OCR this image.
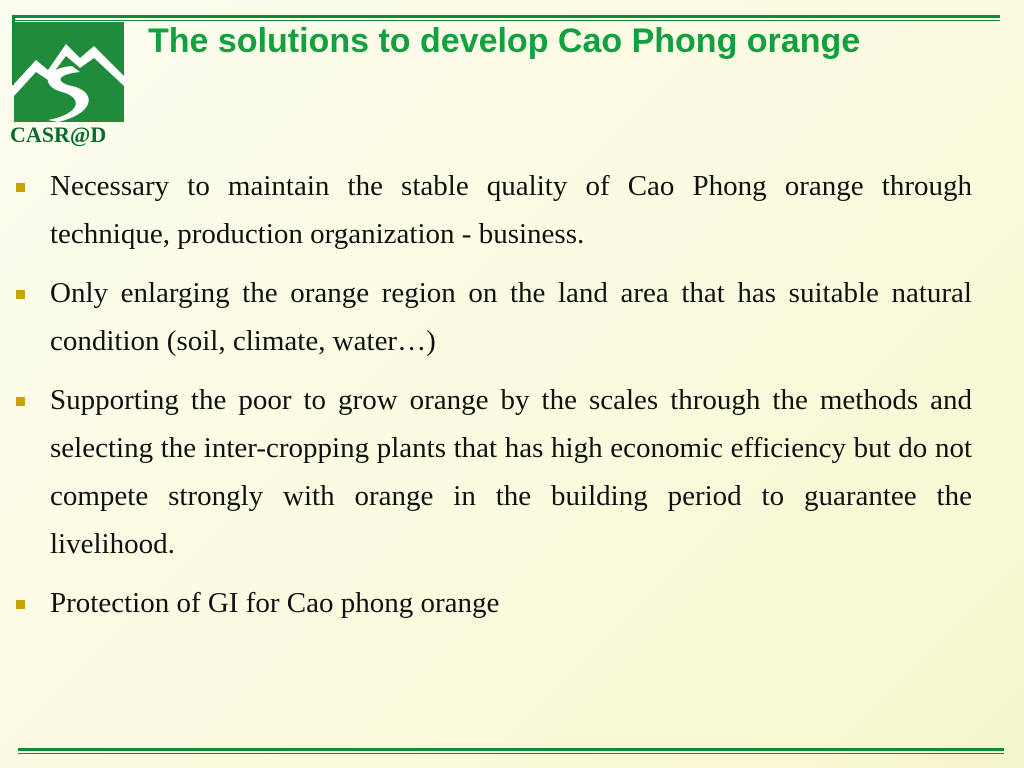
CASR@D
The solutions to develop Cao Phong orange
Necessary to maintain the stable quality of Cao Phong orange through technique, production organization - business.
Only enlarging the orange region on the land area that has suitable natural condition (soil, climate, water…)
Supporting the poor to grow orange by the scales through the methods and selecting the inter-cropping plants that has high economic efficiency but do not compete strongly with orange in the building period to guarantee the livelihood.
Protection of GI for Cao phong orange
